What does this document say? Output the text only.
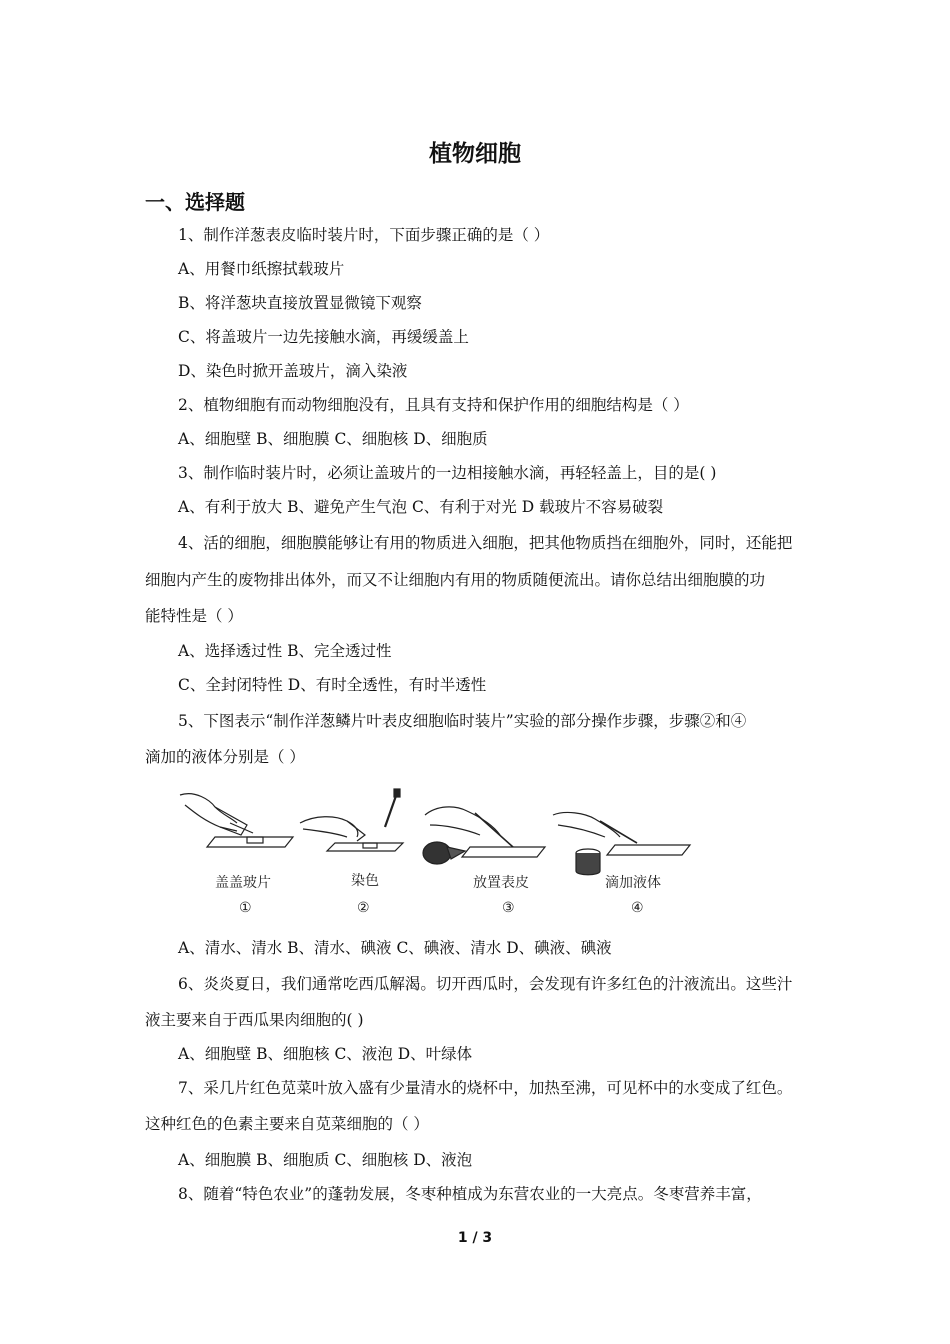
植物细胞
一、选择题
1、制作洋葱表皮临时装片时，下面步骤正确的是（ ）
A、用餐巾纸擦拭载玻片
B、将洋葱块直接放置显微镜下观察
C、将盖玻片一边先接触水滴，再缓缓盖上
D、染色时掀开盖玻片，滴入染液
2、植物细胞有而动物细胞没有，且具有支持和保护作用的细胞结构是（ ）
A、细胞壁 B、细胞膜 C、细胞核 D、细胞质
3、制作临时装片时，必须让盖玻片的一边相接触水滴，再轻轻盖上，目的是( )
A、有利于放大 B、避免产生气泡 C、有利于对光 D 载玻片不容易破裂
4、活的细胞，细胞膜能够让有用的物质进入细胞，把其他物质挡在细胞外，同时，还能把
细胞内产生的废物排出体外，而又不让细胞内有用的物质随便流出。请你总结出细胞膜的功
能特性是（ ）
A、选择透过性 B、完全透过性
C、全封闭特性 D、有时全透性，有时半透性
5、下图表示“制作洋葱鳞片叶表皮细胞临时装片”实验的部分操作步骤，步骤②和④
滴加的液体分别是（ ）
盖盖玻片	染色	放置表皮	滴加液体
①	②	③	④
A、清水、清水 B、清水、碘液 C、碘液、清水 D、碘液、碘液
6、炎炎夏日，我们通常吃西瓜解渴。切开西瓜时，会发现有许多红色的汁液流出。这些汁
液主要来自于西瓜果肉细胞的( )
A、细胞壁 B、细胞核 C、液泡 D、叶绿体
7、采几片红色苋菜叶放入盛有少量清水的烧杯中，加热至沸，可见杯中的水变成了红色。
这种红色的色素主要来自苋菜细胞的（ ）
A、细胞膜 B、细胞质 C、细胞核 D、液泡
8、随着“特色农业”的蓬勃发展，冬枣种植成为东营农业的一大亮点。冬枣营养丰富，
1 / 3
